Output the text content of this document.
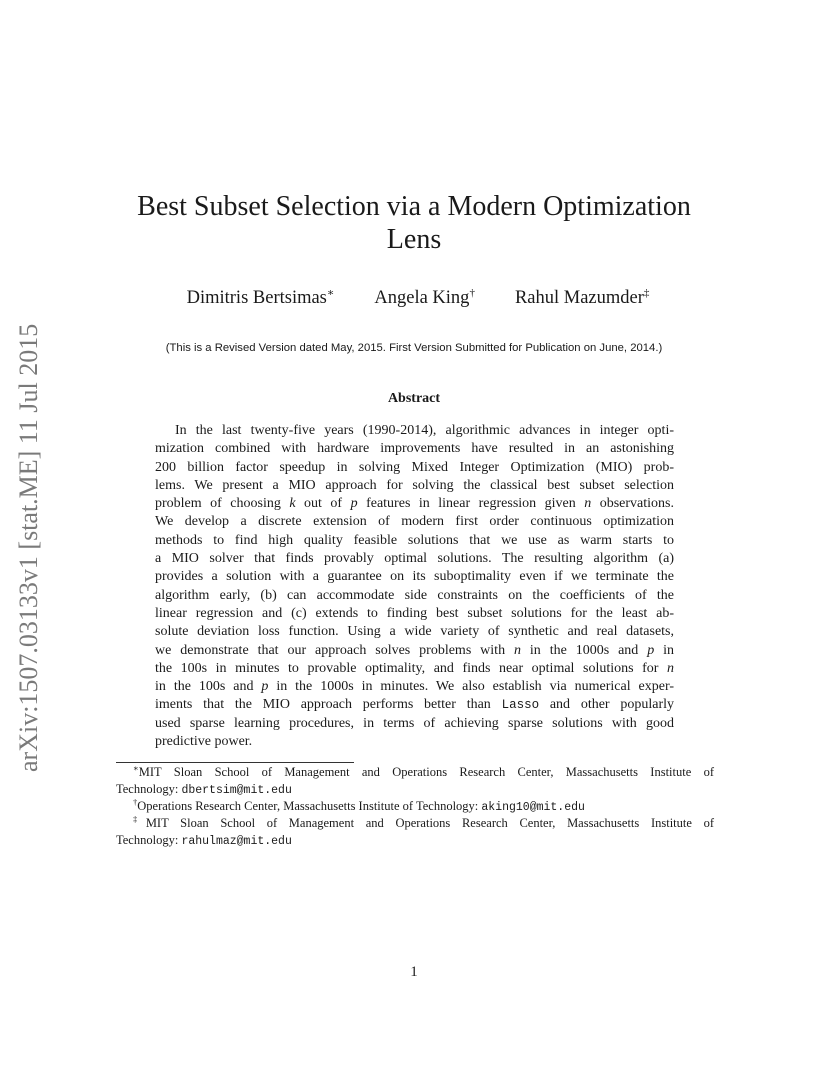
arXiv:1507.03133v1 [stat.ME] 11 Jul 2015
Best Subset Selection via a Modern Optimization
Lens
Dimitris Bertsimas∗ Angela King† Rahul Mazumder‡
(This is a Revised Version dated May, 2015. First Version Submitted for Publication on June, 2014.)
Abstract
In the last twenty-five years (1990-2014), algorithmic advances in integer opti-
mization combined with hardware improvements have resulted in an astonishing
200 billion factor speedup in solving Mixed Integer Optimization (MIO) prob-
lems. We present a MIO approach for solving the classical best subset selection
problem of choosing k out of p features in linear regression given n observations.
We develop a discrete extension of modern first order continuous optimization
methods to find high quality feasible solutions that we use as warm starts to
a MIO solver that finds provably optimal solutions. The resulting algorithm (a)
provides a solution with a guarantee on its suboptimality even if we terminate the
algorithm early, (b) can accommodate side constraints on the coefficients of the
linear regression and (c) extends to finding best subset solutions for the least ab-
solute deviation loss function. Using a wide variety of synthetic and real datasets,
we demonstrate that our approach solves problems with n in the 1000s and p in
the 100s in minutes to provable optimality, and finds near optimal solutions for n
in the 100s and p in the 1000s in minutes. We also establish via numerical exper-
iments that the MIO approach performs better than Lasso and other popularly
used sparse learning procedures, in terms of achieving sparse solutions with good
predictive power.
∗MIT Sloan School of Management and Operations Research Center, Massachusetts Institute of
Technology: dbertsim@mit.edu
†Operations Research Center, Massachusetts Institute of Technology: aking10@mit.edu
‡MIT Sloan School of Management and Operations Research Center, Massachusetts Institute of
Technology: rahulmaz@mit.edu
1
